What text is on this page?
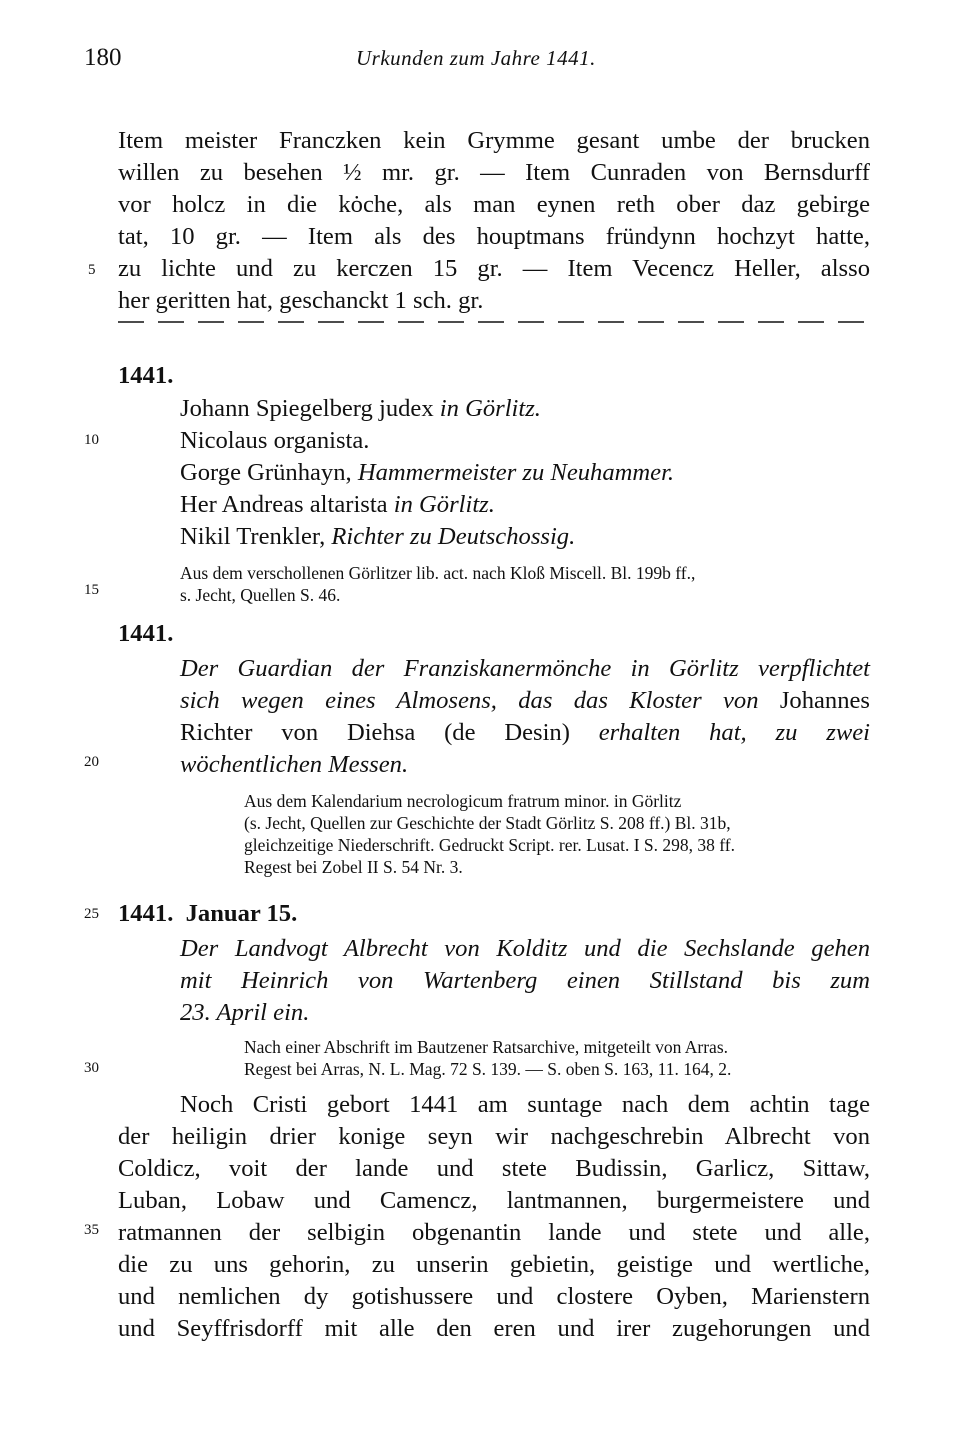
180	Urkunden zum Jahre 1441.
Item meister Franczken kein Grymme gesant umbe der brucken
willen zu besehen ½ mr. gr. — Item Cunraden von Bernsdurff
vor holcz in die kȯche, als man eynen reth ober daz gebirge
tat, 10 gr. — Item als des houptmans fründynn hochzyt hatte,
zu lichte und zu kerczen 15 gr. — Item Vecencz Heller, alsso
her geritten hat, geschanckt 1 sch. gr.
1441.
Johann Spiegelberg judex in Görlitz.
Nicolaus organista.
Gorge Grünhayn, Hammermeister zu Neuhammer.
Her Andreas altarista in Görlitz.
Nikil Trenkler, Richter zu Deutschossig.
Aus dem verschollenen Görlitzer lib. act. nach Kloß Miscell. Bl. 199b ff.,
s. Jecht, Quellen S. 46.
1441.
Der Guardian der Franziskanermönche in Görlitz verpflichtet
sich wegen eines Almosens, das das Kloster von Johannes
Richter von Diehsa (de Desin) erhalten hat, zu zwei
wöchentlichen Messen.
Aus dem Kalendarium necrologicum fratrum minor. in Görlitz
(s. Jecht, Quellen zur Geschichte der Stadt Görlitz S. 208 ff.) Bl. 31b,
gleichzeitige Niederschrift. Gedruckt Script. rer. Lusat. I S. 298, 38 ff.
Regest bei Zobel II S. 54 Nr. 3.
1441.  Januar 15.
Der Landvogt Albrecht von Kolditz und die Sechslande gehen
mit Heinrich von Wartenberg einen Stillstand bis zum
23. April ein.
Nach einer Abschrift im Bautzener Ratsarchive, mitgeteilt von Arras.
Regest bei Arras, N. L. Mag. 72 S. 139. — S. oben S. 163, 11. 164, 2.
Noch Cristi gebort 1441 am suntage nach dem achtin tage
der heiligin drier konige seyn wir nachgeschrebin Albrecht von
Coldicz, voit der lande und stete Budissin, Garlicz, Sittaw,
Luban, Lobaw und Camencz, lantmannen, burgermeistere und
ratmannen der selbigin obgenantin lande und stete und alle,
die zu uns gehorin, zu unserin gebietin, geistige und wertliche,
und nemlichen dy gotishussere und clostere Oyben, Marienstern
und Seyffrisdorff mit alle den eren und irer zugehorungen und
5
10
15
20
25
30
35
